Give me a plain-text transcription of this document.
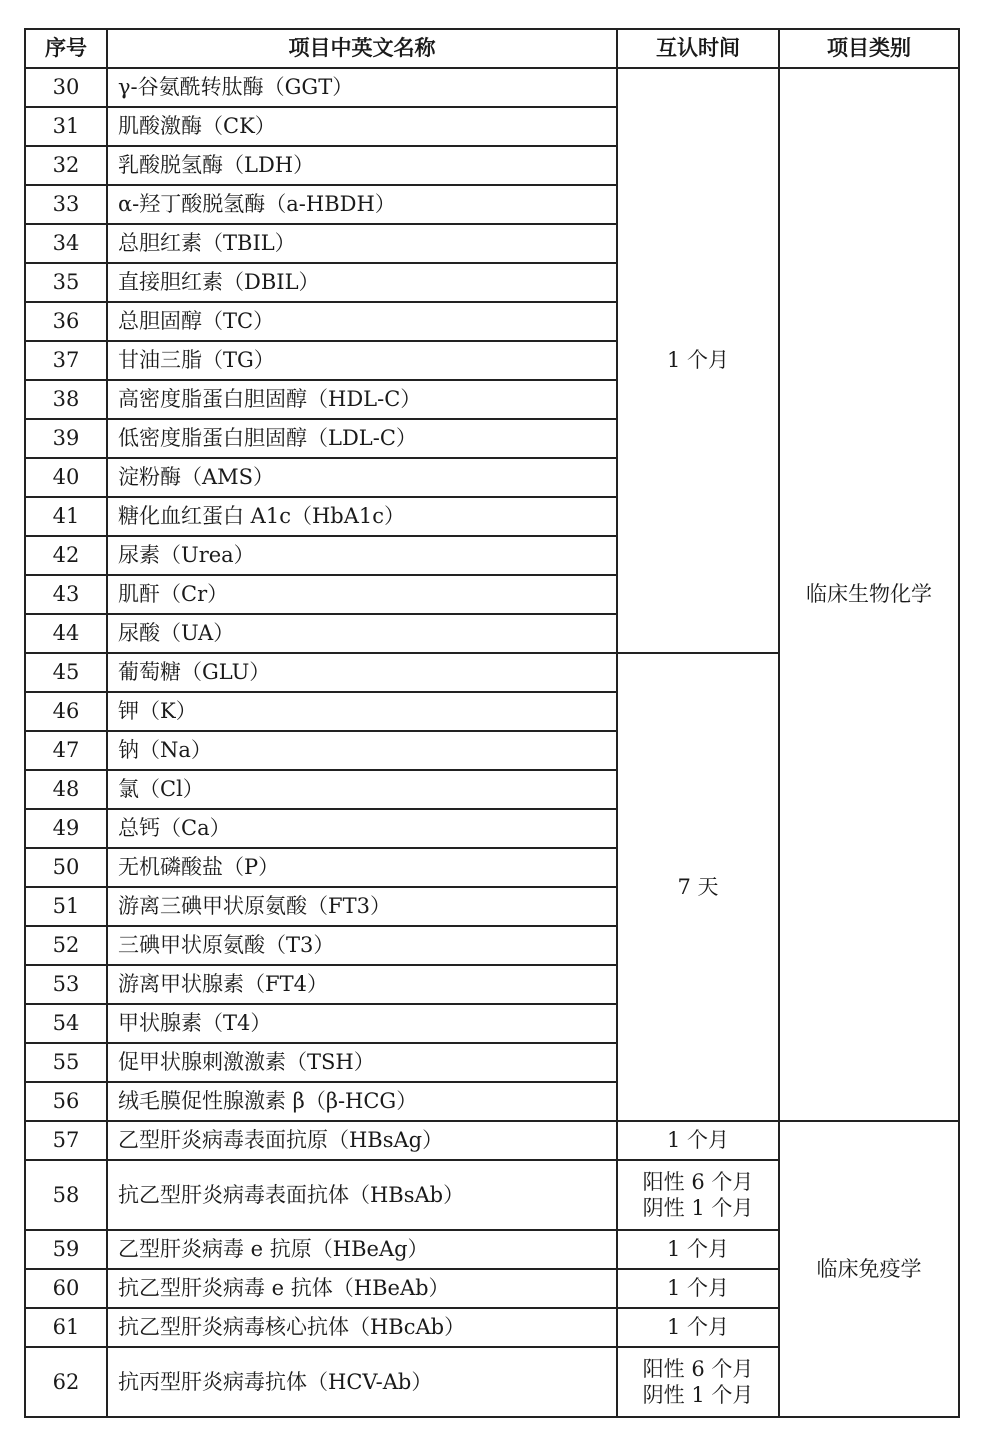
序号	项目中英文名称	互认时间	项目类别
30	γ-谷氨酰转肽酶（GGT）	1 个月	临床生物化学
31	肌酸激酶（CK）		
32	乳酸脱氢酶（LDH）		
33	α-羟丁酸脱氢酶（a-HBDH）		
34	总胆红素（TBIL）		
35	直接胆红素（DBIL）		
36	总胆固醇（TC）		
37	甘油三脂（TG）		
38	高密度脂蛋白胆固醇（HDL-C）		
39	低密度脂蛋白胆固醇（LDL-C）		
40	淀粉酶（AMS）		
41	糖化血红蛋白 A1c（HbA1c）		
42	尿素（Urea）		
43	肌酐（Cr）		
44	尿酸（UA）		
45	葡萄糖（GLU）	7 天	
46	钾（K）		
47	钠（Na）		
48	氯（Cl）		
49	总钙（Ca）		
50	无机磷酸盐（P）		
51	游离三碘甲状原氨酸（FT3）		
52	三碘甲状原氨酸（T3）		
53	游离甲状腺素（FT4）		
54	甲状腺素（T4）		
55	促甲状腺刺激激素（TSH）		
56	绒毛膜促性腺激素 β（β-HCG）		
57	乙型肝炎病毒表面抗原（HBsAg）	1 个月	临床免疫学
58	抗乙型肝炎病毒表面抗体（HBsAb）	阳性 6 个月
阴性 1 个月	

59	乙型肝炎病毒 e 抗原（HBeAg）	1 个月	
60	抗乙型肝炎病毒 e 抗体（HBeAb）	1 个月	
61	抗乙型肝炎病毒核心抗体（HBcAb）	1 个月	
62	抗丙型肝炎病毒抗体（HCV-Ab）	阳性 6 个月
阴性 1 个月	
